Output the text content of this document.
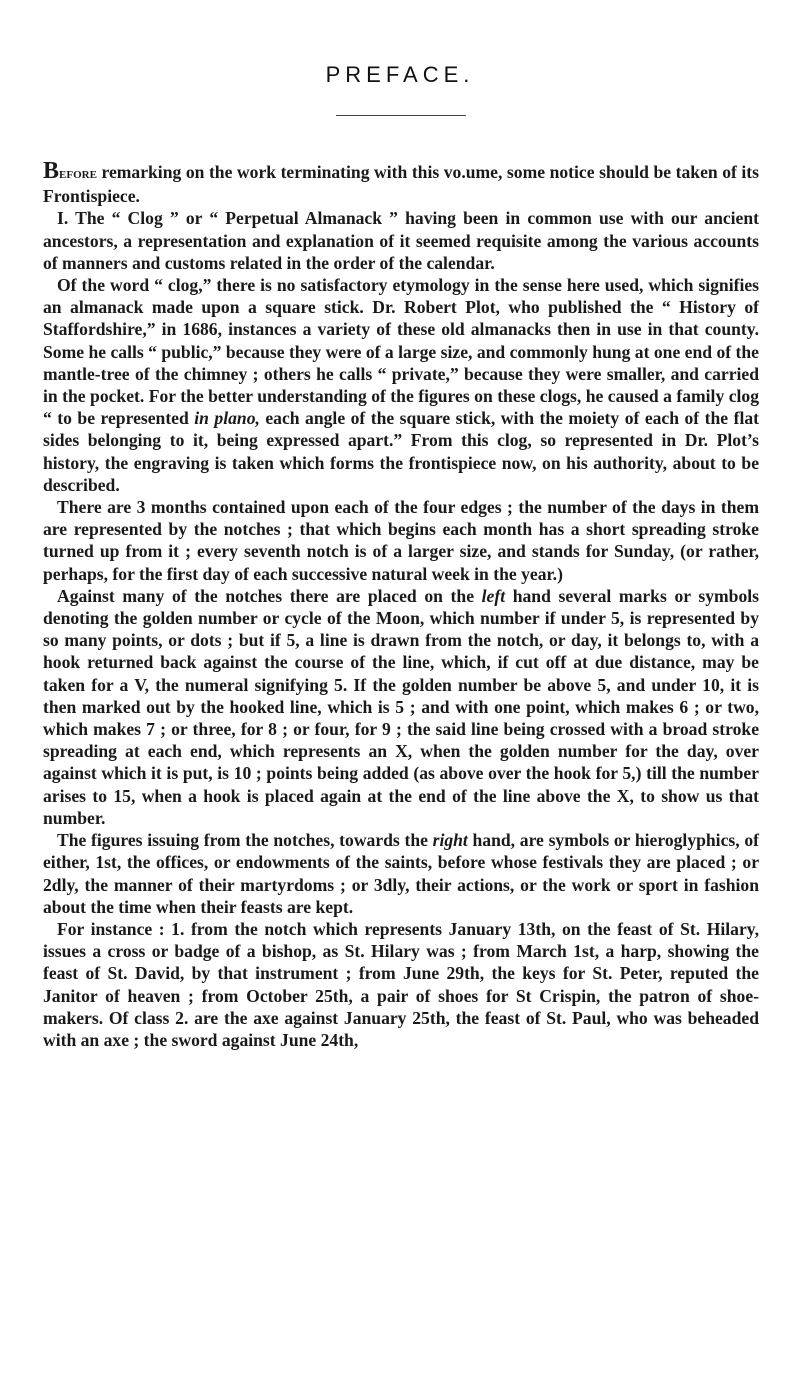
PREFACE.

Before remarking on the work terminating with this vo.ume, some notice should be taken of its Frontispiece.

I. The “ Clog ” or “ Perpetual Almanack ” having been in common use with our ancient ancestors, a representation and explanation of it seemed requisite among the various accounts of manners and customs related in the order of the calendar.

Of the word “ clog,” there is no satisfactory etymology in the sense here used, which signifies an almanack made upon a square stick. Dr. Robert Plot, who published the “ History of Staffordshire,” in 1686, instances a variety of these old almanacks then in use in that county. Some he calls “ public,” because they were of a large size, and commonly hung at one end of the mantle-tree of the chimney ; others he calls “ private,” because they were smaller, and carried in the pocket. For the better understanding of the figures on these clogs, he caused a family clog “ to be represented in plano, each angle of the square stick, with the moiety of each of the flat sides belonging to it, being expressed apart.” From this clog, so represented in Dr. Plot’s history, the engraving is taken which forms the frontispiece now, on his authority, about to be described.

There are 3 months contained upon each of the four edges ; the number of the days in them are represented by the notches ; that which begins each month has a short spreading stroke turned up from it ; every seventh notch is of a larger size, and stands for Sunday, (or rather, perhaps, for the first day of each successive natural week in the year.)

Against many of the notches there are placed on the left hand several marks or symbols denoting the golden number or cycle of the Moon, which number if under 5, is represented by so many points, or dots ; but if 5, a line is drawn from the notch, or day, it belongs to, with a hook returned back against the course of the line, which, if cut off at due distance, may be taken for a V, the numeral signifying 5. If the golden number be above 5, and under 10, it is then marked out by the hooked line, which is 5 ; and with one point, which makes 6 ; or two, which makes 7 ; or three, for 8 ; or four, for 9 ; the said line being crossed with a broad stroke spreading at each end, which represents an X, when the golden number for the day, over against which it is put, is 10 ; points being added (as above over the hook for 5,) till the number arises to 15, when a hook is placed again at the end of the line above the X, to show us that number.

The figures issuing from the notches, towards the right hand, are symbols or hieroglyphics, of either, 1st, the offices, or endowments of the saints, before whose festivals they are placed ; or 2dly, the manner of their martyrdoms ; or 3dly, their actions, or the work or sport in fashion about the time when their feasts are kept.

For instance : 1. from the notch which represents January 13th, on the feast of St. Hilary, issues a cross or badge of a bishop, as St. Hilary was ; from March 1st, a harp, showing the feast of St. David, by that instrument ; from June 29th, the keys for St. Peter, reputed the Janitor of heaven ; from October 25th, a pair of shoes for St Crispin, the patron of shoe-makers. Of class 2. are the axe against January 25th, the feast of St. Paul, who was beheaded with an axe ; the sword against June 24th,
